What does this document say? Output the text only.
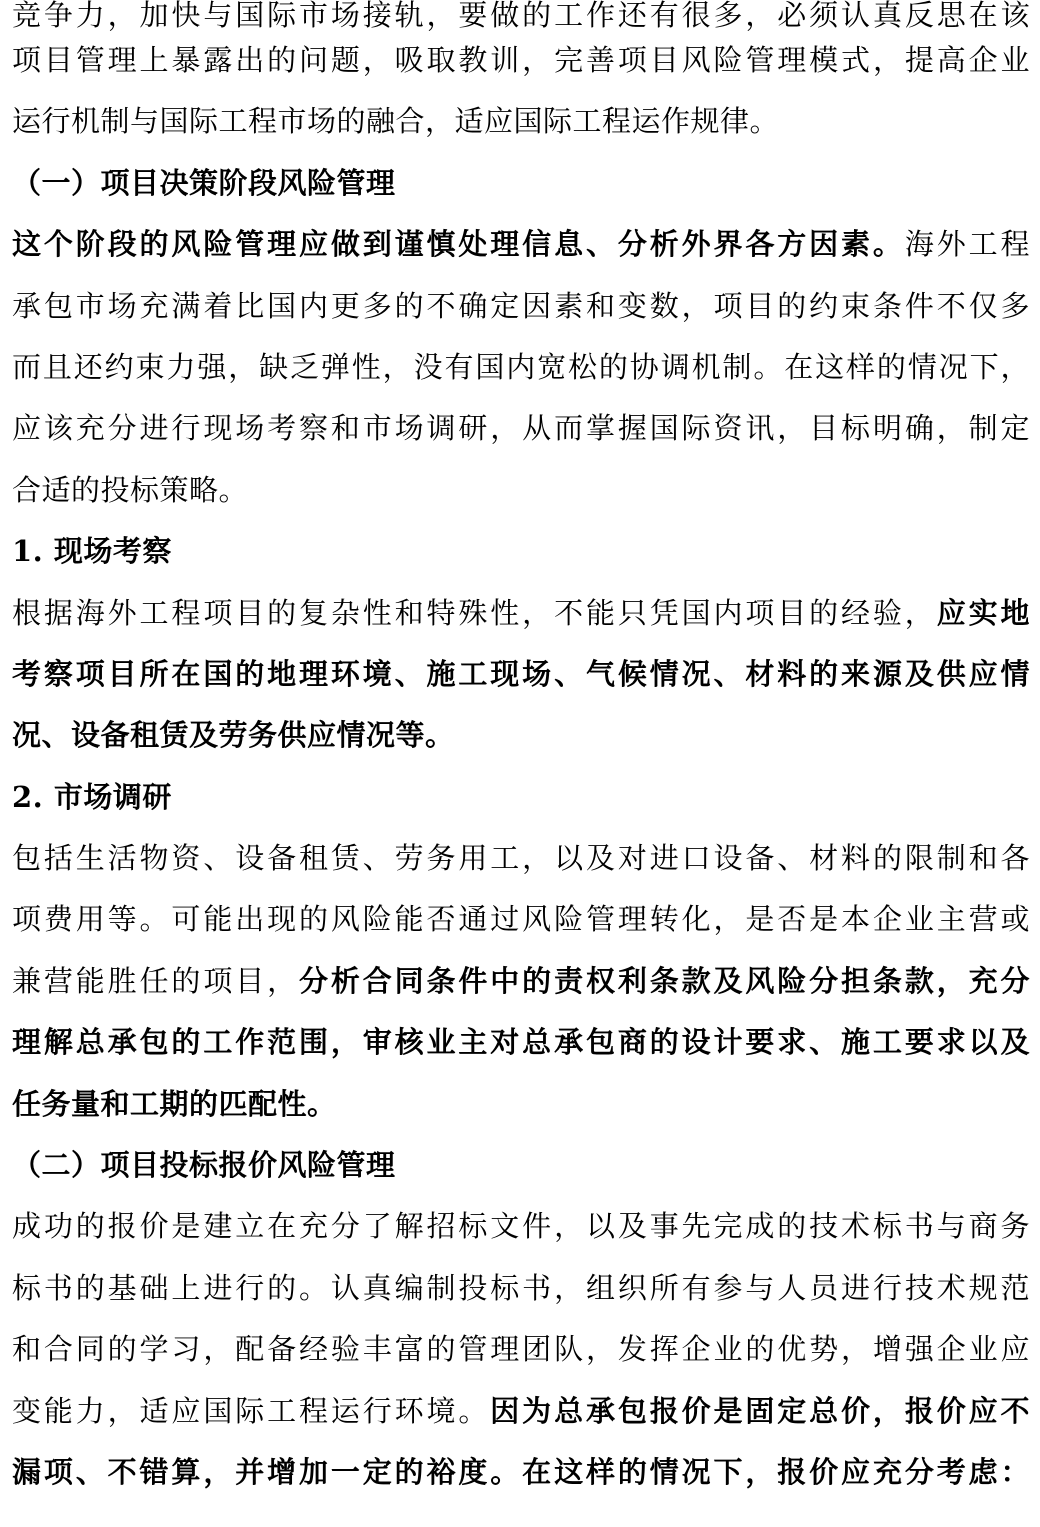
竞争力，加快与国际市场接轨，要做的工作还有很多，必须认真反思在该
项目管理上暴露出的问题，吸取教训，完善项目风险管理模式，提高企业
运行机制与国际工程市场的融合，适应国际工程运作规律。
（一）项目决策阶段风险管理
这个阶段的风险管理应做到谨慎处理信息、分析外界各方因素。海外工程
承包市场充满着比国内更多的不确定因素和变数，项目的约束条件不仅多
而且还约束力强，缺乏弹性，没有国内宽松的协调机制。在这样的情况下，
应该充分进行现场考察和市场调研，从而掌握国际资讯，目标明确，制定
合适的投标策略。
1. 现场考察
根据海外工程项目的复杂性和特殊性，不能只凭国内项目的经验，应实地
考察项目所在国的地理环境、施工现场、气候情况、材料的来源及供应情
况、设备租赁及劳务供应情况等。
2. 市场调研
包括生活物资、设备租赁、劳务用工，以及对进口设备、材料的限制和各
项费用等。可能出现的风险能否通过风险管理转化，是否是本企业主营或
兼营能胜任的项目，分析合同条件中的责权利条款及风险分担条款，充分
理解总承包的工作范围，审核业主对总承包商的设计要求、施工要求以及
任务量和工期的匹配性。
（二）项目投标报价风险管理
成功的报价是建立在充分了解招标文件，以及事先完成的技术标书与商务
标书的基础上进行的。认真编制投标书，组织所有参与人员进行技术规范
和合同的学习，配备经验丰富的管理团队，发挥企业的优势，增强企业应
变能力，适应国际工程运行环境。因为总承包报价是固定总价，报价应不
漏项、不错算，并增加一定的裕度。在这样的情况下，报价应充分考虑：
